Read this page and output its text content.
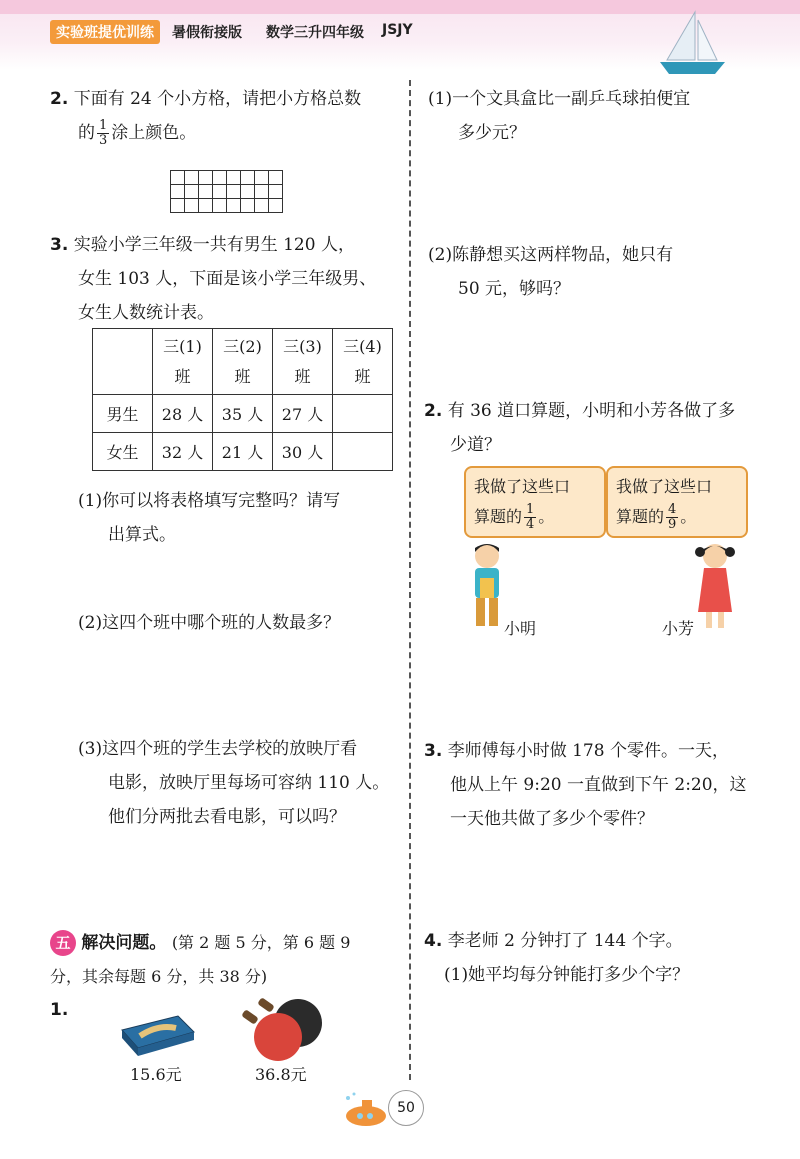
实验班提优训练	暑假衔接版 数学三升四年级 JSJY
2. 下面有 24 个小方格，请把小方格总数
的 $\frac{1}{3}$ 涂上颜色。

3. 实验小学三年级一共有男生 120 人，
女生 103 人，下面是该小学三年级男、
女生人数统计表。
	三(1)
班	三(2)
班	三(3)
班	三(4)
班
男生	28 人	35 人	27 人	
女生	32 人	21 人	30 人	
(1)你可以将表格填写完整吗？请写
出算式。
(2)这四个班中哪个班的人数最多？
(3)这四个班的学生去学校的放映厅看
电影，放映厅里每场可容纳 110 人。
他们分两批去看电影，可以吗？
五 解决问题。 (第 2 题 5 分，第 6 题 9
分，其余每题 6 分，共 38 分)
1.
15.6元	36.8元
(1)一个文具盒比一副乒乓球拍便宜
多少元？
(2)陈静想买这两样物品，她只有
50 元，够吗？
2. 有 36 道口算题，小明和小芳各做了多
少道？
我做了这些口
算题的 $\frac{1}{4}$ 。
我做了这些口
算题的 $\frac{4}{9}$ 。
小明	小芳
3. 李师傅每小时做 178 个零件。一天，
他从上午 9:20 一直做到下午 2:20，这
一天他共做了多少个零件？
4. 李老师 2 分钟打了 144 个字。
(1)她平均每分钟能打多少个字？
50
